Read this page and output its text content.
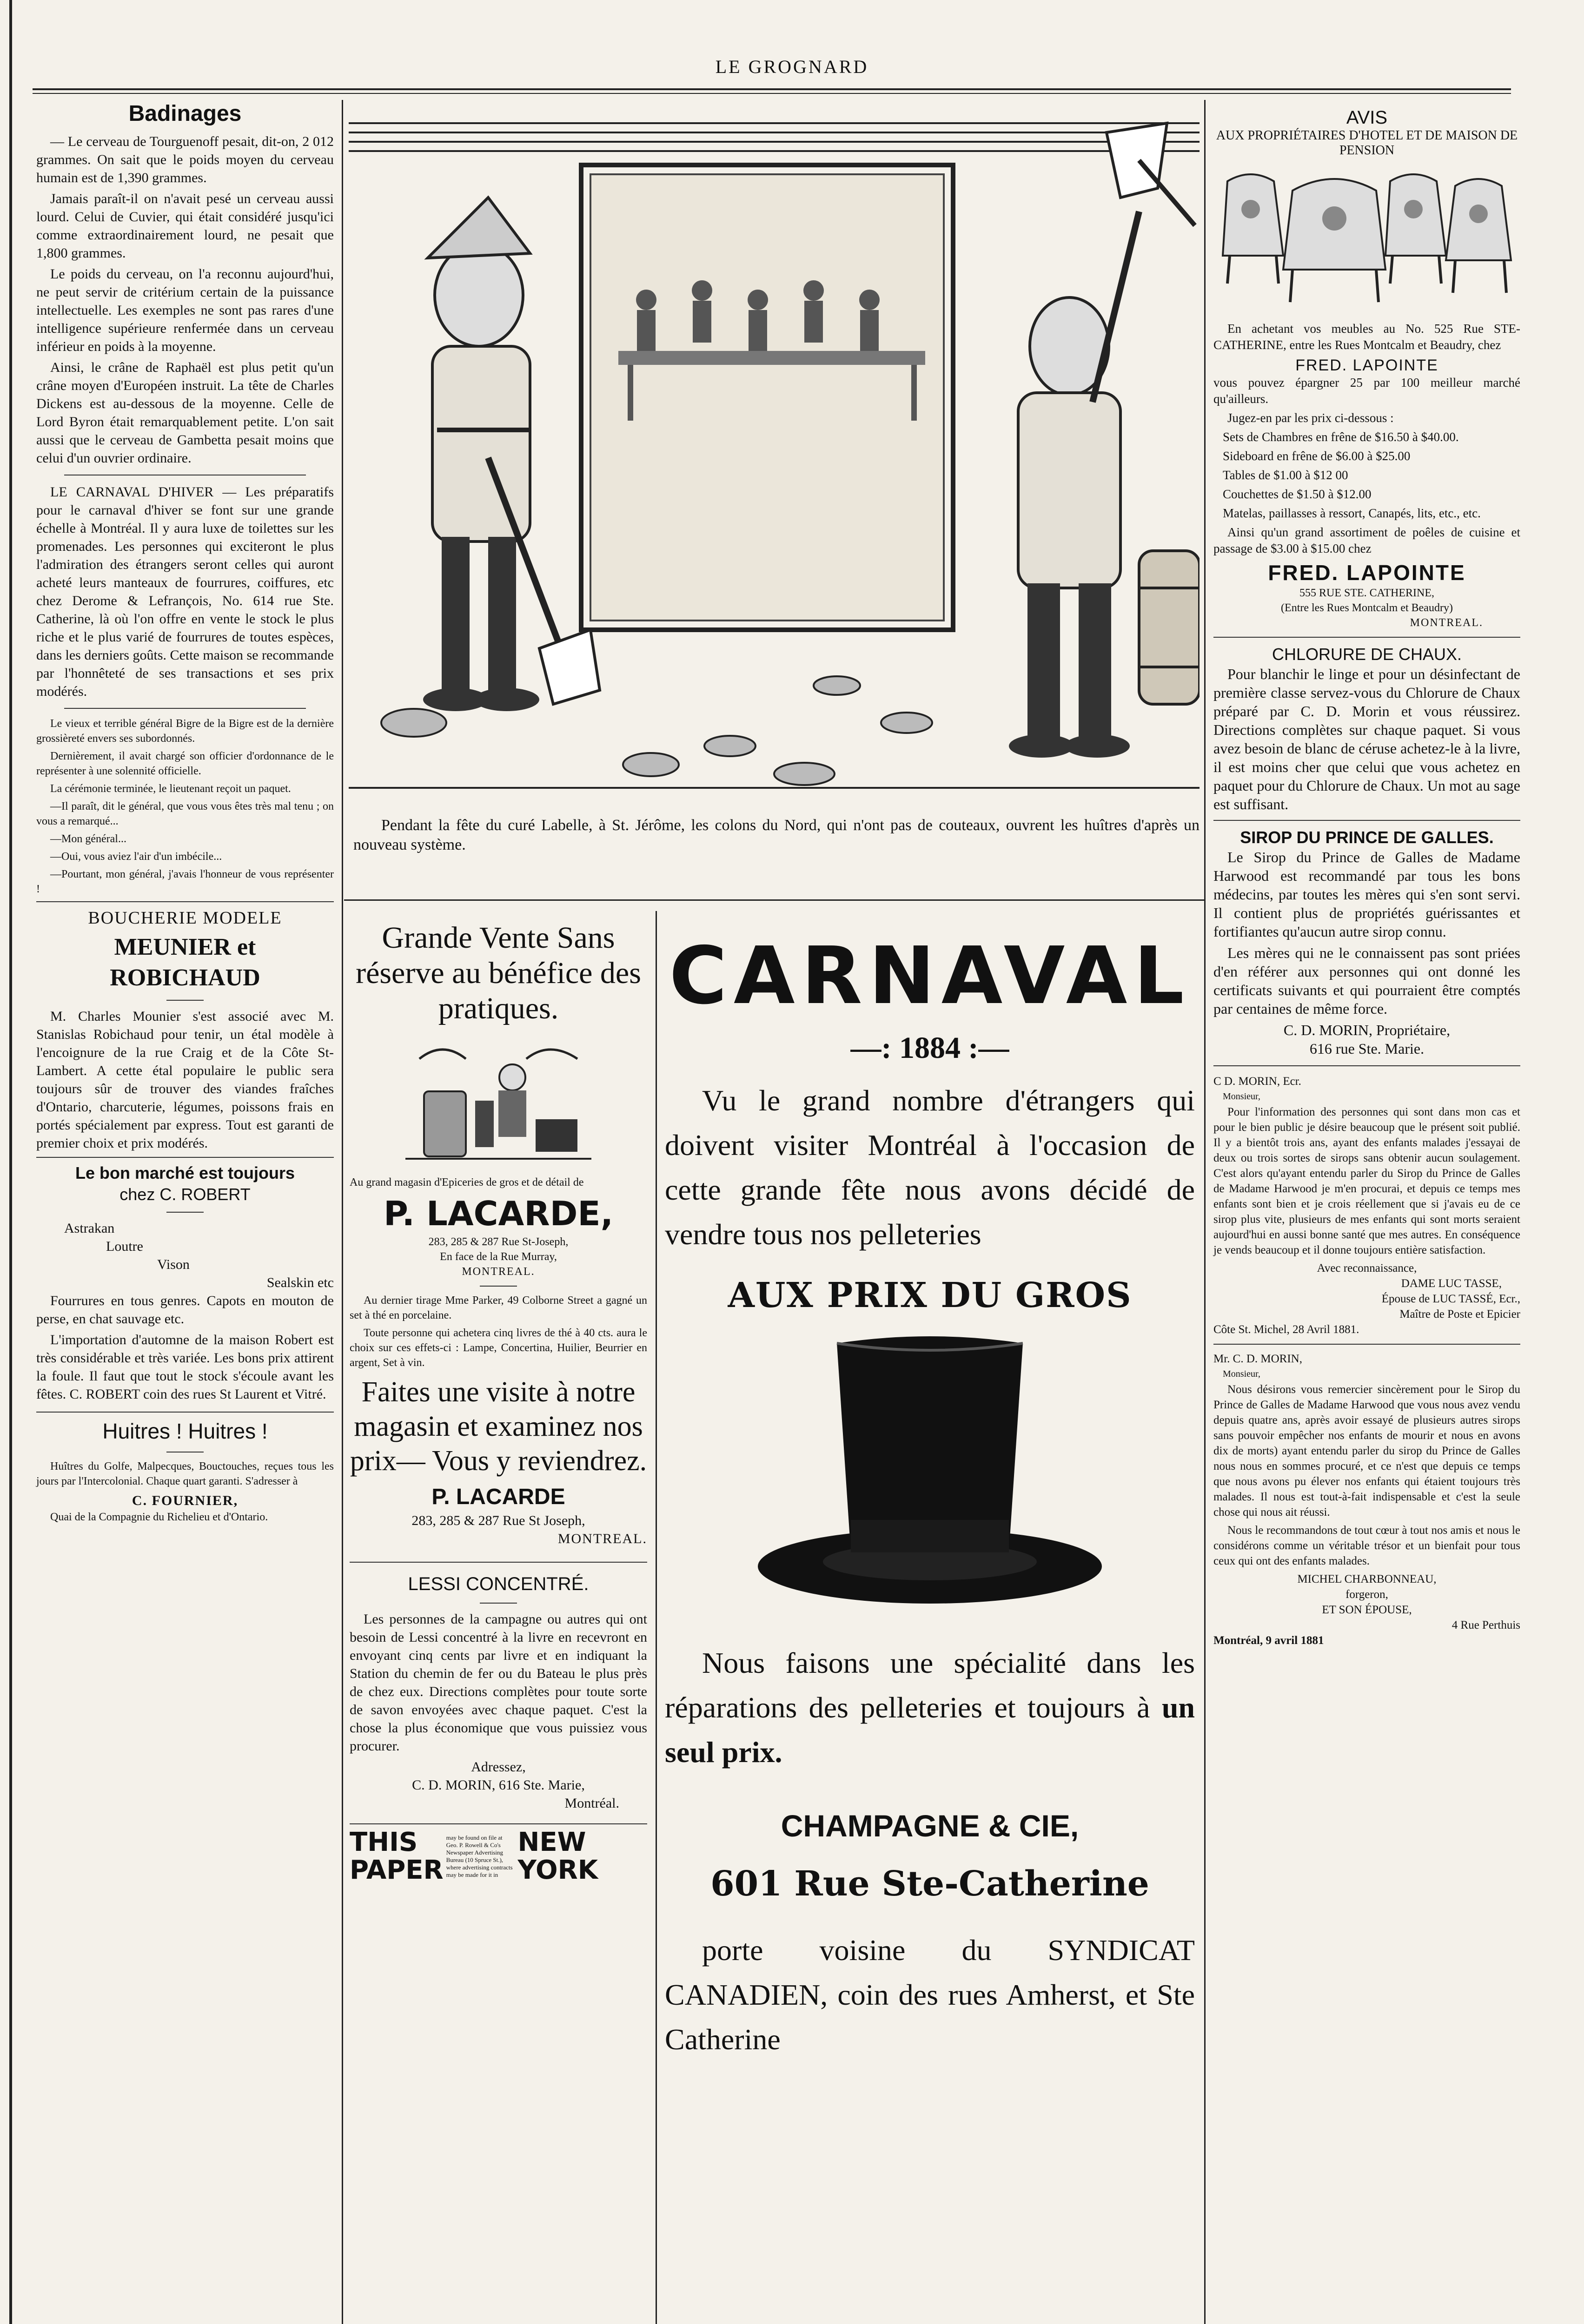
LE GROGNARD
Badinages

— Le cerveau de Tourguenoff pesait, dit-on, 2 012 grammes. On sait que le poids moyen du cerveau humain est de 1,390 grammes.

Jamais paraît-il on n'avait pesé un cerveau aussi lourd. Celui de Cuvier, qui était considéré jusqu'ici comme extraordinairement lourd, ne pesait que 1,800 grammes.

Le poids du cerveau, on l'a reconnu aujourd'hui, ne peut servir de critérium certain de la puissance intellectuelle. Les exemples ne sont pas rares d'une intelligence supérieure renfermée dans un cerveau inférieur en poids à la moyenne.

Ainsi, le crâne de Raphaël est plus petit qu'un crâne moyen d'Européen instruit. La tête de Charles Dickens est au-dessous de la moyenne. Celle de Lord Byron était remarquablement petite. L'on sait aussi que le cerveau de Gambetta pesait moins que celui d'un ouvrier ordinaire.

LE CARNAVAL D'HIVER — Les préparatifs pour le carnaval d'hiver se font sur une grande échelle à Montréal. Il y aura luxe de toilettes sur les promenades. Les personnes qui exciteront le plus l'admiration des étrangers seront celles qui auront acheté leurs manteaux de fourrures, coiffures, etc chez Derome & Lefrançois, No. 614 rue Ste. Catherine, là où l'on offre en vente le stock le plus riche et le plus varié de fourrures de toutes espèces, dans les derniers goûts. Cette maison se recommande par l'honnêteté de ses transactions et ses prix modérés.

Le vieux et terrible général Bigre de la Bigre est de la dernière grossièreté envers ses subordonnés.

Dernièrement, il avait chargé son officier d'ordonnance de le représenter à une solennité officielle.

La cérémonie terminée, le lieutenant reçoit un paquet.

—Il paraît, dit le général, que vous vous êtes très mal tenu ; on vous a remarqué...

—Mon général...

—Oui, vous aviez l'air d'un imbécile...

—Pourtant, mon général, j'avais l'honneur de vous représenter !

BOUCHERIE MODELE
MEUNIER et ROBICHAUD

M. Charles Mounier s'est associé avec M. Stanislas Robichaud pour tenir, un étal modèle à l'encoignure de la rue Craig et de la Côte St-Lambert. A cette étal populaire le public sera toujours sûr de trouver des viandes fraîches d'Ontario, charcuterie, légumes, poissons frais en portés spécialement par express. Tout est garanti de premier choix et prix modérés.

Le bon marché est toujours
chez C. ROBERT
Astrakan
Loutre
Vison
Sealskin etc

Fourrures en tous genres. Capots en mouton de perse, en chat sauvage etc.

L'importation d'automne de la maison Robert est très considérable et très variée. Les bons prix attirent la foule. Il faut que tout le stock s'écoule avant les fêtes. C. ROBERT coin des rues St Laurent et Vitré.

Huitres ! Huitres !

Huîtres du Golfe, Malpecques, Bouctouches, reçues tous les jours par l'Intercolonial. Chaque quart garanti. S'adresser à

C. FOURNIER,

Quai de la Compagnie du Richelieu et d'Ontario.

Pendant la fête du curé Labelle, à St. Jérôme, les colons du Nord, qui n'ont pas de couteaux, ouvrent les huîtres d'après un nouveau système.
Grande Vente Sans réserve au bénéfice des pratiques.

Au grand magasin d'Epiceries de gros et de détail de

P. LACARDE,
283, 285 & 287 Rue St-Joseph,
En face de la Rue Murray,
MONTREAL.

Au dernier tirage Mme Parker, 49 Colborne Street a gagné un set à thé en porcelaine.

Toute personne qui achetera cinq livres de thé à 40 cts. aura le choix sur ces effets-ci : Lampe, Concertina, Huilier, Beurrier en argent, Set à vin.

Faites une visite à notre magasin et examinez nos prix— Vous y reviendrez.
P. LACARDE
283, 285 & 287 Rue St Joseph,
MONTREAL.
LESSI CONCENTRÉ.

Les personnes de la campagne ou autres qui ont besoin de Lessi concentré à la livre en recevront en envoyant cinq cents par livre et en indiquant la Station du chemin de fer ou du Bateau le plus près de chez eux. Directions complètes pour toute sorte de savon envoyées avec chaque paquet. C'est la chose la plus économique que vous puissiez vous procurer.

Adressez,
C. D. MORIN, 616 Ste. Marie,
Montréal.
THIS PAPER
may be found on file at Geo. P. Rowell & Co's Newspaper Advertising Bureau (10 Spruce St.), where advertising contracts may be made for it in
NEW YORK
CARNAVAL
—: 1884 :—
Vu le grand nombre d'étrangers qui doivent visiter Montréal à l'occasion de cette grande fête nous avons décidé de vendre tous nos pelleteries
AUX PRIX DU GROS
Nous faisons une spécialité dans les réparations des pelleteries et toujours à un seul prix.
CHAMPAGNE & CIE,
601 Rue Ste-Catherine
porte voisine du SYNDICAT CANADIEN, coin des rues Amherst, et Ste Catherine
AVIS
AUX PROPRIÉTAIRES D'HOTEL ET DE MAISON DE PENSION

En achetant vos meubles au No. 525 Rue STE-CATHERINE, entre les Rues Montcalm et Beaudry, chez

FRED. LAPOINTE

vous pouvez épargner 25 par 100 meilleur marché qu'ailleurs.

Jugez-en par les prix ci-dessous :

Sets de Chambres en frêne de $16.50 à $40.00.

Sideboard en frêne de $6.00 à $25.00

Tables de $1.00 à $12 00

Couchettes de $1.50 à $12.00

Matelas, paillasses à ressort, Canapés, lits, etc., etc.

Ainsi qu'un grand assortiment de poêles de cuisine et passage de $3.00 à $15.00 chez

FRED. LAPOINTE
555 RUE STE. CATHERINE,
(Entre les Rues Montcalm et Beaudry)
MONTREAL.
CHLORURE DE CHAUX.

Pour blanchir le linge et pour un désinfectant de première classe servez-vous du Chlorure de Chaux préparé par C. D. Morin et vous réussirez. Directions complètes sur chaque paquet. Si vous avez besoin de blanc de céruse achetez-le à la livre, il est moins cher que celui que vous achetez en paquet pour du Chlorure de Chaux. Un mot au sage est suffisant.

SIROP DU PRINCE DE GALLES.

Le Sirop du Prince de Galles de Madame Harwood est recommandé par tous les bons médecins, par toutes les mères qui s'en sont servi. Il contient plus de propriétés guérissantes et fortifiantes qu'aucun autre sirop connu.

Les mères qui ne le connaissent pas sont priées d'en référer aux personnes qui ont donné les certificats suivants et qui pourraient être comptés par centaines de même force.

C. D. MORIN, Propriétaire,
616 rue Ste. Marie.
C D. MORIN, Ecr.
Monsieur,

Pour l'information des personnes qui sont dans mon cas et pour le bien public je désire beaucoup que le présent soit publié. Il y a bientôt trois ans, ayant des enfants malades j'essayai de deux ou trois sortes de sirops sans obtenir aucun soulagement. C'est alors qu'ayant entendu parler du Sirop du Prince de Galles de Madame Harwood je m'en procurai, et depuis ce temps mes enfants sont bien et je crois réellement que si j'avais eu de ce sirop plus vite, plusieurs de mes enfants qui sont morts seraient aujourd'hui en aussi bonne santé que mes autres. En conséquence je vends beaucoup et il donne toujours entière satisfaction.

Avec reconnaissance,
DAME LUC TASSE,
Épouse de LUC TASSÉ, Ecr.,
Maître de Poste et Epicier
Côte St. Michel, 28 Avril 1881.
Mr. C. D. MORIN,
Monsieur,

Nous désirons vous remercier sincèrement pour le Sirop du Prince de Galles de Madame Harwood que vous nous avez vendu depuis quatre ans, après avoir essayé de plusieurs autres sirops sans pouvoir empêcher nos enfants de mourir et nous en avons dix de morts) ayant entendu parler du sirop du Prince de Galles nous nous en sommes procuré, et ce n'est que depuis ce temps que nous avons pu élever nos enfants qui étaient toujours très malades. Il nous est tout-à-fait indispensable et c'est la seule chose qui nous ait réussi.

Nous le recommandons de tout cœur à tout nos amis et nous le considérons comme un véritable trésor et un bienfait pour tous ceux qui ont des enfants malades.

MICHEL CHARBONNEAU,
forgeron,
ET SON ÉPOUSE,
4 Rue Perthuis
Montréal, 9 avril 1881
